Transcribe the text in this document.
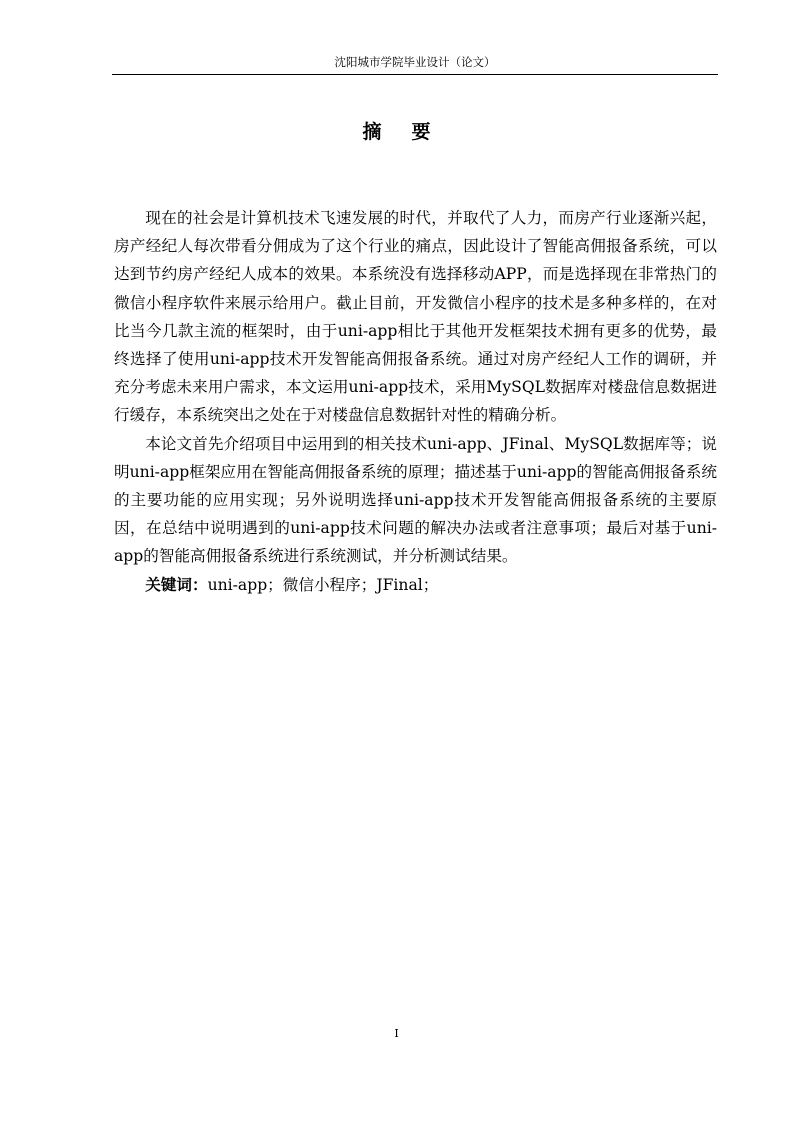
沈阳城市学院毕业设计（论文）
摘要

现在的社会是计算机技术飞速发展的时代，并取代了人力，而房产行业逐渐兴起，房产经纪人每次带看分佣成为了这个行业的痛点，因此设计了智能高佣报备系统，可以达到节约房产经纪人成本的效果。本系统没有选择移动APP，而是选择现在非常热门的微信小程序软件来展示给用户。截止目前，开发微信小程序的技术是多种多样的，在对比当今几款主流的框架时，由于uni-app相比于其他开发框架技术拥有更多的优势，最终选择了使用uni-app技术开发智能高佣报备系统。通过对房产经纪人工作的调研，并充分考虑未来用户需求，本文运用uni-app技术，采用MySQL数据库对楼盘信息数据进行缓存，本系统突出之处在于对楼盘信息数据针对性的精确分析。

本论文首先介绍项目中运用到的相关技术uni-app、JFinal、MySQL数据库等；说明uni-app框架应用在智能高佣报备系统的原理；描述基于uni-app的智能高佣报备系统的主要功能的应用实现；另外说明选择uni-app技术开发智能高佣报备系统的主要原因，在总结中说明遇到的uni-app技术问题的解决办法或者注意事项；最后对基于uni-app的智能高佣报备系统进行系统测试，并分析测试结果。

关键词：uni-app；微信小程序；JFinal；

I
